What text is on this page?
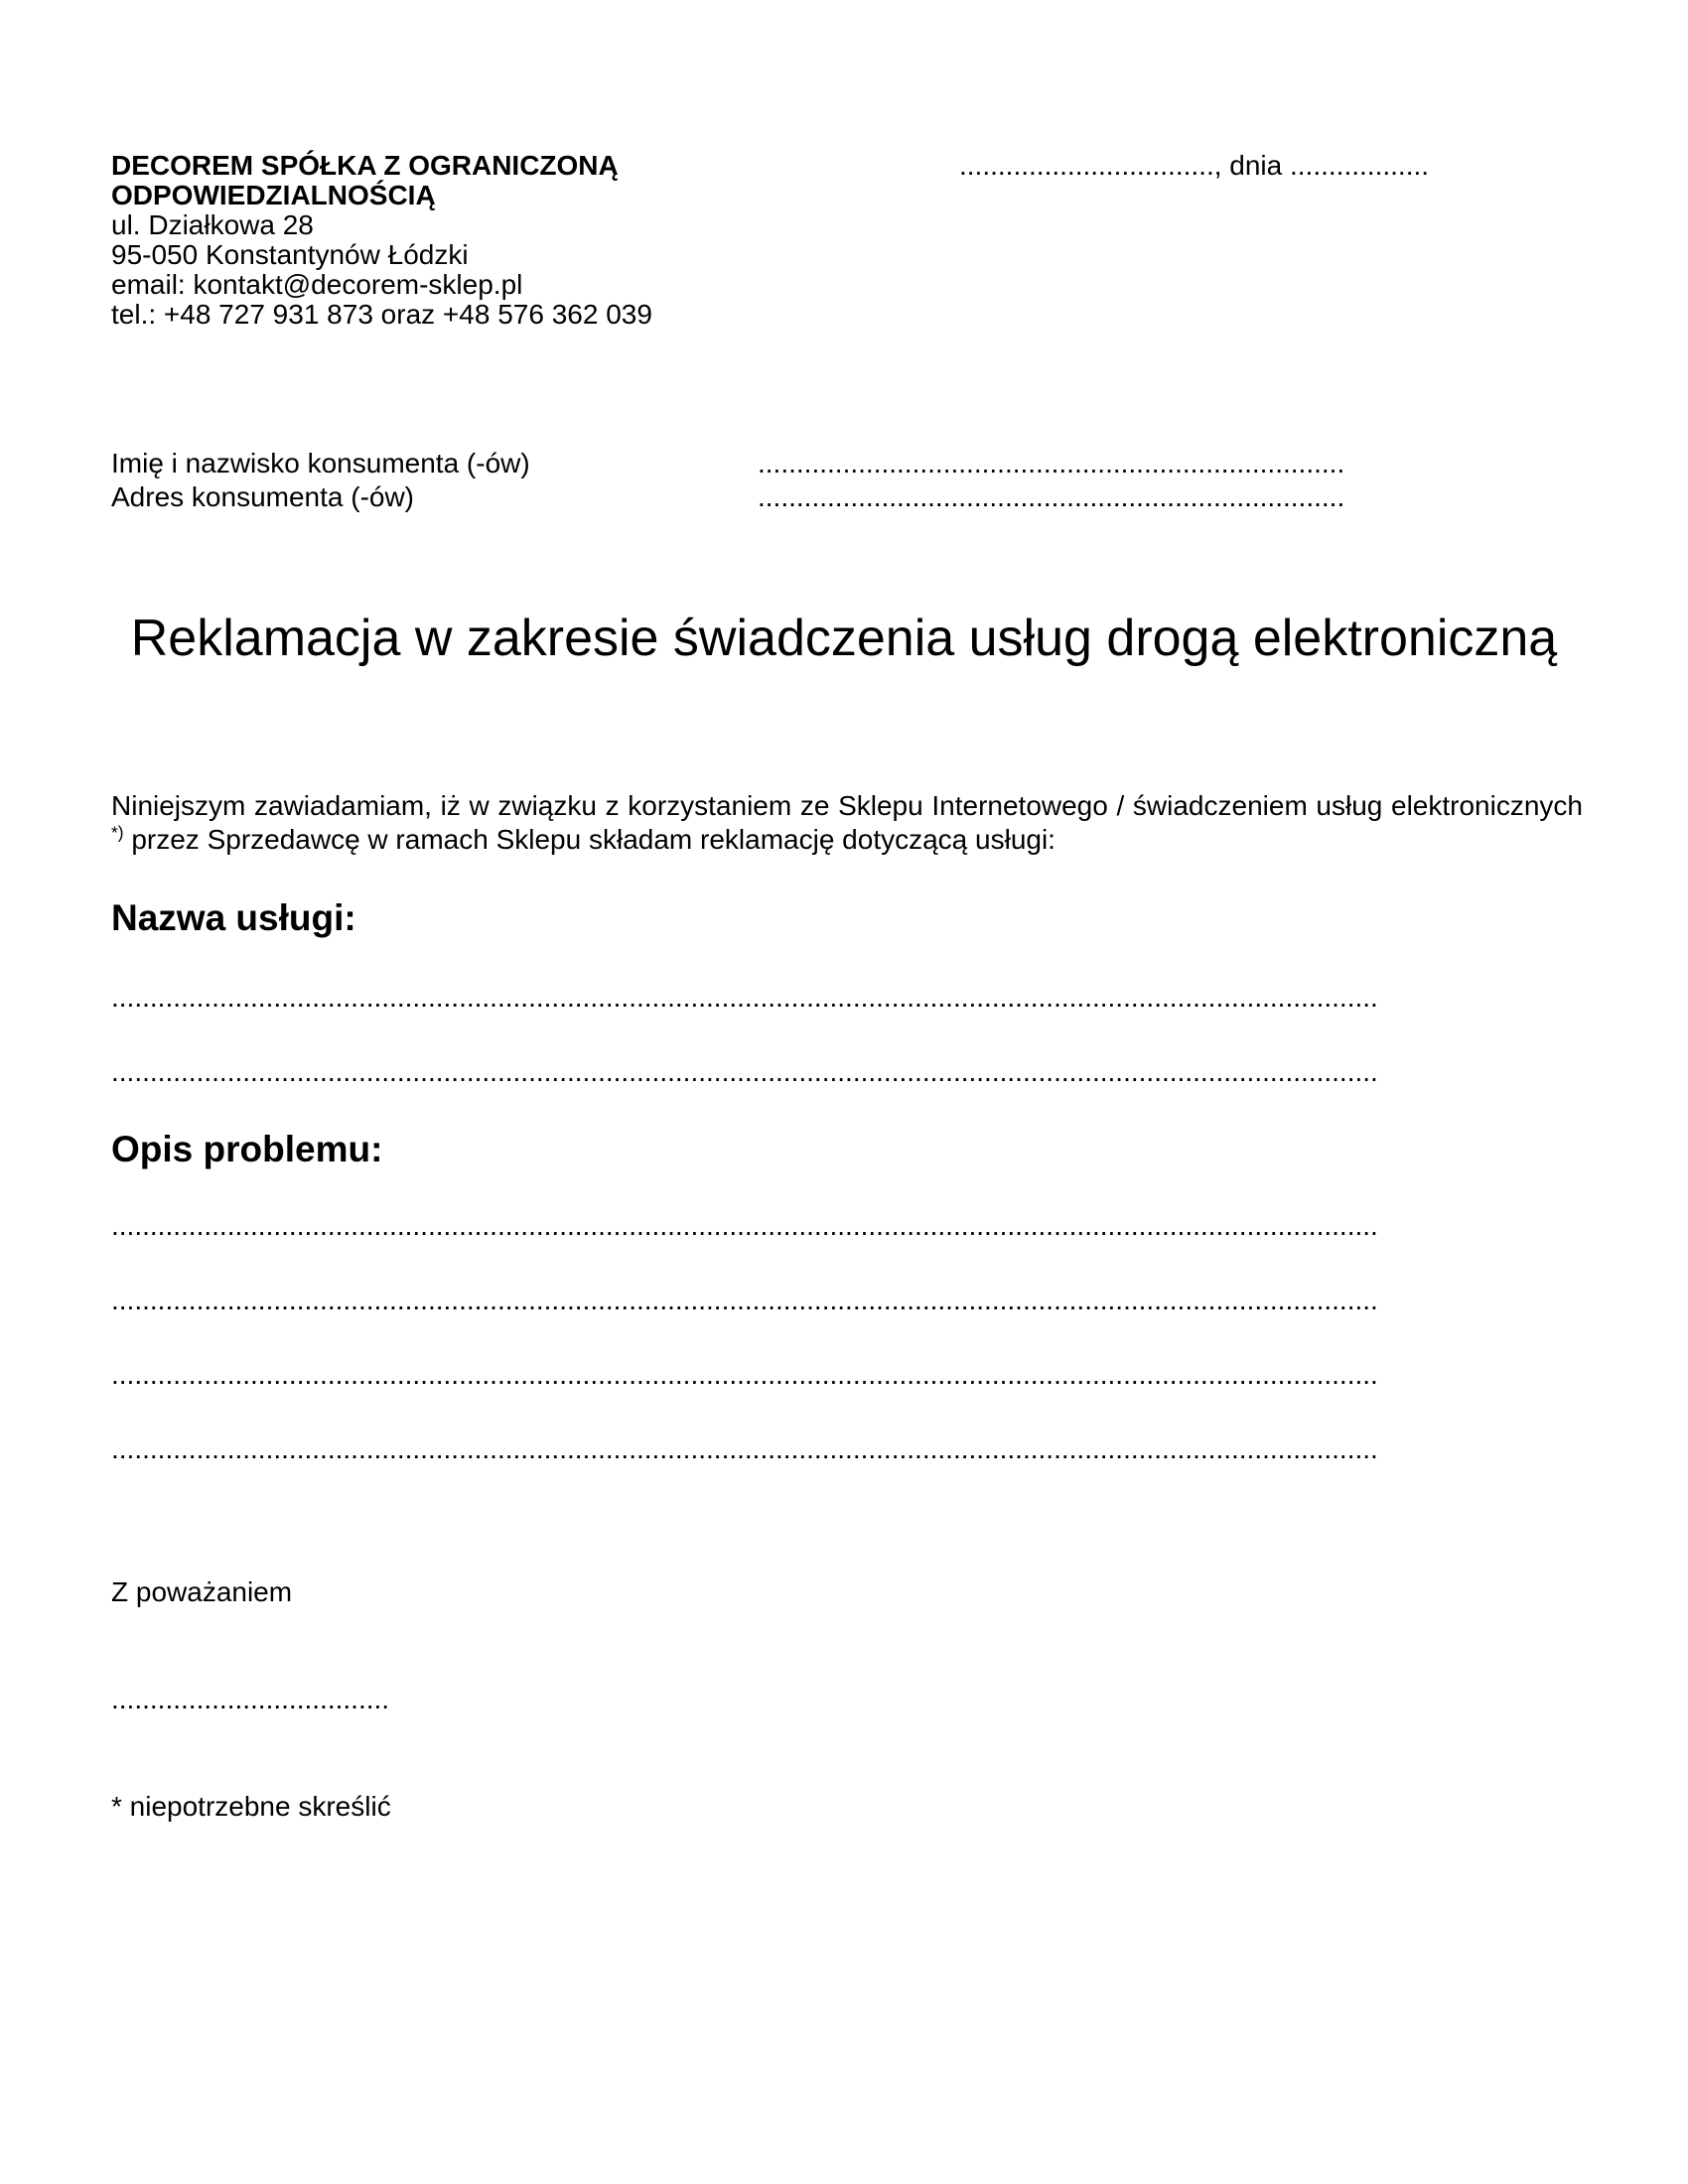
DECOREM SPÓŁKA Z OGRANICZONĄ
ODPOWIEDZIALNOŚCIĄ
ul. Działkowa 28
95-050 Konstantynów Łódzki
email: kontakt@decorem-sklep.pl
tel.: +48 727 931 873 oraz +48 576 362 039
................................., dnia ..................
Imię i nazwisko konsumenta (-ów)	............................................................................
Adres konsumenta (-ów)	............................................................................
Reklamacja w zakresie świadczenia usług drogą elektroniczną
Niniejszym zawiadamiam, iż w związku z korzystaniem ze Sklepu Internetowego / świadczeniem usług elektronicznych
*) przez Sprzedawcę w ramach Sklepu składam reklamację dotyczącą usługi:
Nazwa usługi:
....................................................................................................................................................................
....................................................................................................................................................................
Opis problemu:
....................................................................................................................................................................
....................................................................................................................................................................
....................................................................................................................................................................
....................................................................................................................................................................
Z poważaniem
....................................
* niepotrzebne skreślić
